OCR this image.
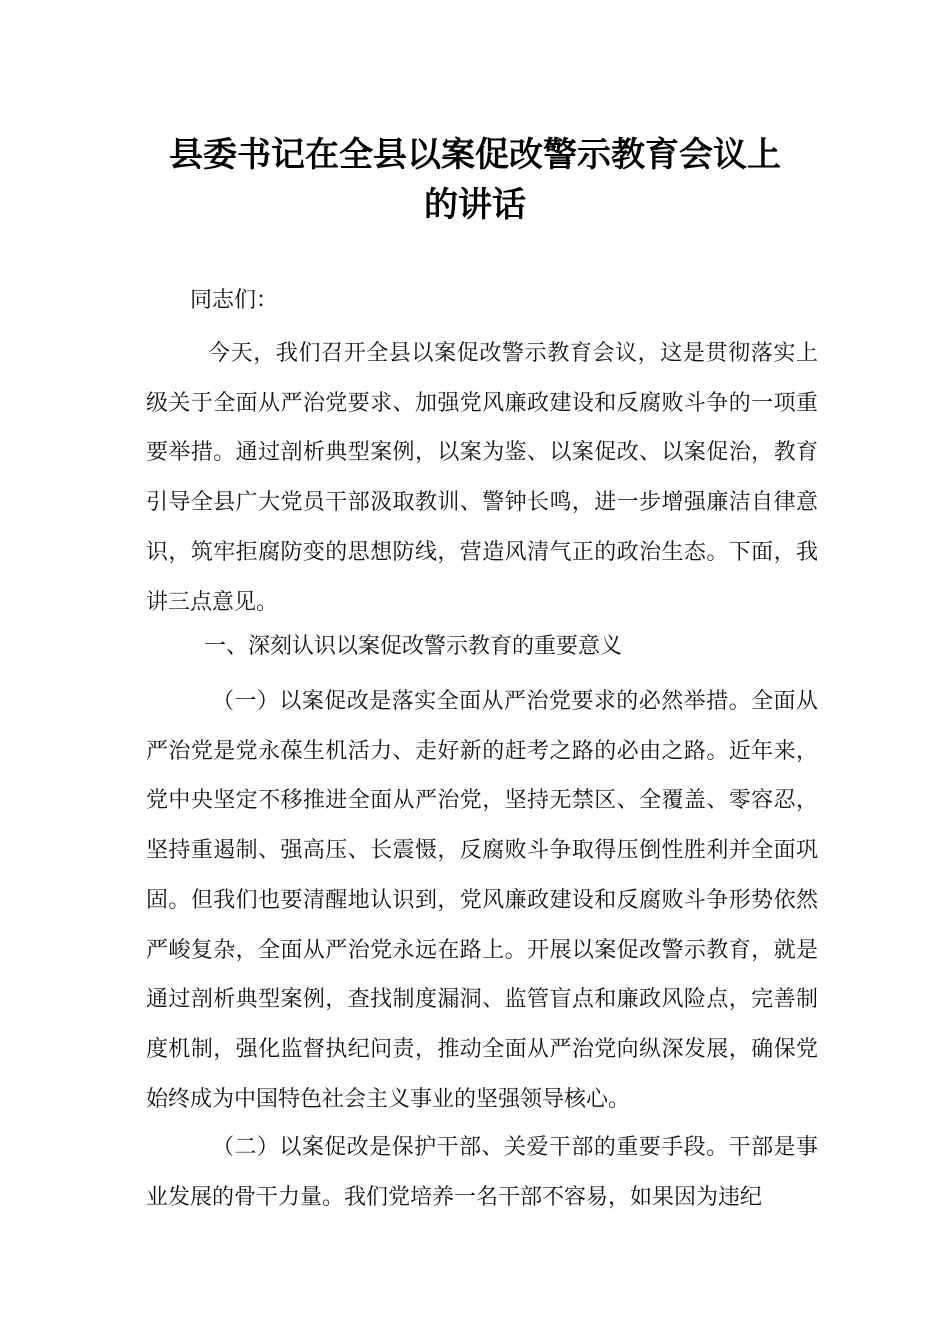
县委书记在全县以案促改警示教育会议上
的讲话

同志们：

今天，我们召开全县以案促改警示教育会议，这是贯彻落实上级关于全面从严治党要求、加强党风廉政建设和反腐败斗争的一项重要举措。通过剖析典型案例，以案为鉴、以案促改、以案促治，教育引导全县广大党员干部汲取教训、警钟长鸣，进一步增强廉洁自律意识，筑牢拒腐防变的思想防线，营造风清气正的政治生态。下面，我讲三点意见。

一、深刻认识以案促改警示教育的重要意义

（一）以案促改是落实全面从严治党要求的必然举措。全面从严治党是党永葆生机活力、走好新的赶考之路的必由之路。近年来，党中央坚定不移推进全面从严治党，坚持无禁区、全覆盖、零容忍，坚持重遏制、强高压、长震慑，反腐败斗争取得压倒性胜利并全面巩固。但我们也要清醒地认识到，党风廉政建设和反腐败斗争形势依然严峻复杂，全面从严治党永远在路上。开展以案促改警示教育，就是通过剖析典型案例，查找制度漏洞、监管盲点和廉政风险点，完善制度机制，强化监督执纪问责，推动全面从严治党向纵深发展，确保党始终成为中国特色社会主义事业的坚强领导核心。

（二）以案促改是保护干部、关爱干部的重要手段。干部是事业发展的骨干力量。我们党培养一名干部不容易，如果因为违纪
